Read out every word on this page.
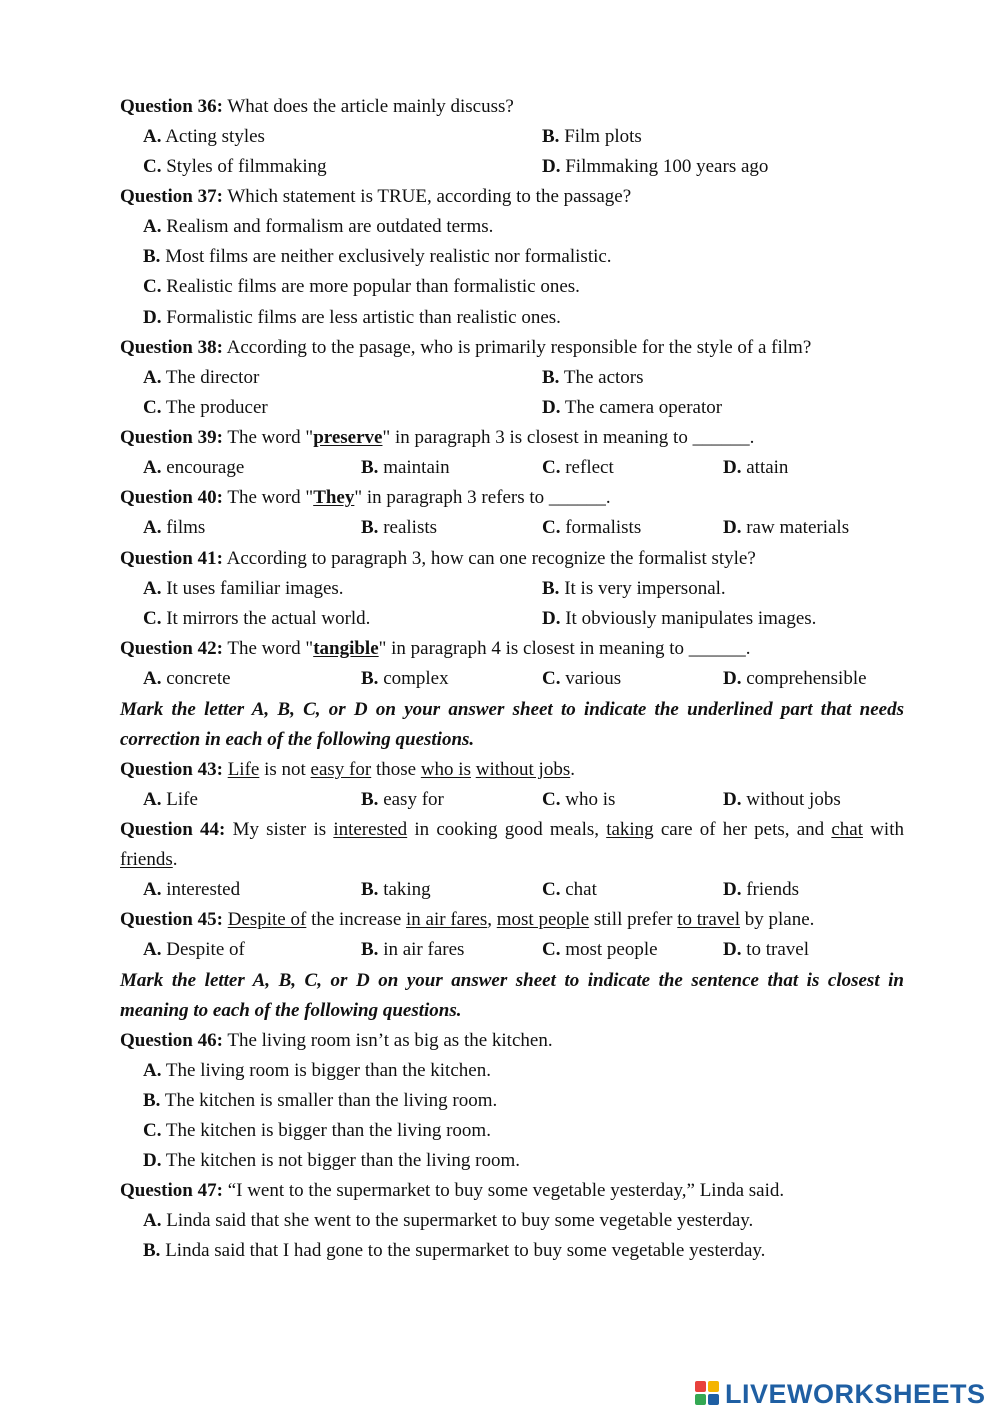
Question 36: What does the article mainly discuss?
A. Acting styles	B. Film plots
C. Styles of filmmaking	D. Filmmaking 100 years ago
Question 37: Which statement is TRUE, according to the passage?
A. Realism and formalism are outdated terms.
B. Most films are neither exclusively realistic nor formalistic.
C. Realistic films are more popular than formalistic ones.
D. Formalistic films are less artistic than realistic ones.
Question 38: According to the pasage, who is primarily responsible for the style of a film?
A. The director	B. The actors
C. The producer	D. The camera operator
Question 39: The word "preserve" in paragraph 3 is closest in meaning to ______.
A. encourage	B. maintain	C. reflect	D. attain
Question 40: The word "They" in paragraph 3 refers to ______.
A. films	B. realists	C. formalists	D. raw materials
Question 41: According to paragraph 3, how can one recognize the formalist style?
A. It uses familiar images.	B. It is very impersonal.
C. It mirrors the actual world.	D. It obviously manipulates images.
Question 42: The word "tangible" in paragraph 4 is closest in meaning to ______.
A. concrete	B. complex	C. various	D. comprehensible
Mark the letter A, B, C, or D on your answer sheet to indicate the underlined part that needs
correction in each of the following questions.
Question 43: Life is not easy for those who is without jobs.
A. Life	B. easy for	C. who is	D. without jobs
Question 44: My sister is interested in cooking good meals, taking care of her pets, and chat with
friends.
A. interested	B. taking	C. chat	D. friends
Question 45: Despite of the increase in air fares, most people still prefer to travel by plane.
A. Despite of	B. in air fares	C. most people	D. to travel
Mark the letter A, B, C, or D on your answer sheet to indicate the sentence that is closest in
meaning to each of the following questions.
Question 46: The living room isn’t as big as the kitchen.
A. The living room is bigger than the kitchen.
B. The kitchen is smaller than the living room.
C. The kitchen is bigger than the living room.
D. The kitchen is not bigger than the living room.
Question 47: “I went to the supermarket to buy some vegetable yesterday,” Linda said.
A. Linda said that she went to the supermarket to buy some vegetable yesterday.
B. Linda said that I had gone to the supermarket to buy some vegetable yesterday.
LIVEWORKSHEETS
